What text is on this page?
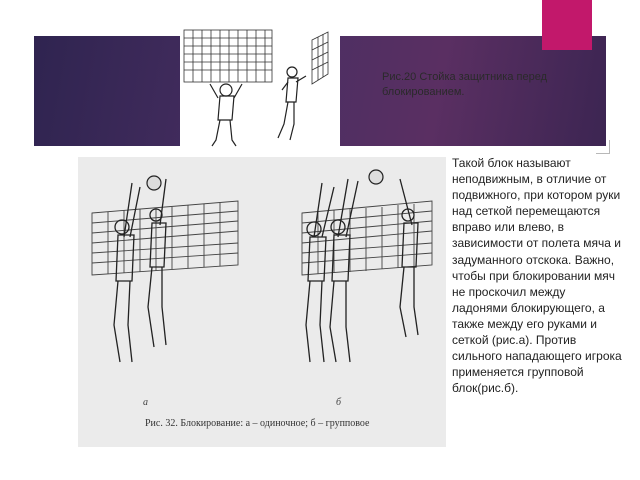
Рис.20 Стойка защитника перед блокированием.
а	б
Рис. 32. Блокирование: а – одиночное; б – групповое
Такой блок называют неподвижным, в отличие от подвижного, при котором руки над сеткой перемещаются вправо или влево, в зависимости от полета мяча и задуманного отскока. Важно, чтобы при блокировании мяч не проскочил между ладонями блокирующего, а также между его руками и сеткой (рис.а). Против сильного нападающего игрока применяется групповой блок(рис.б).
